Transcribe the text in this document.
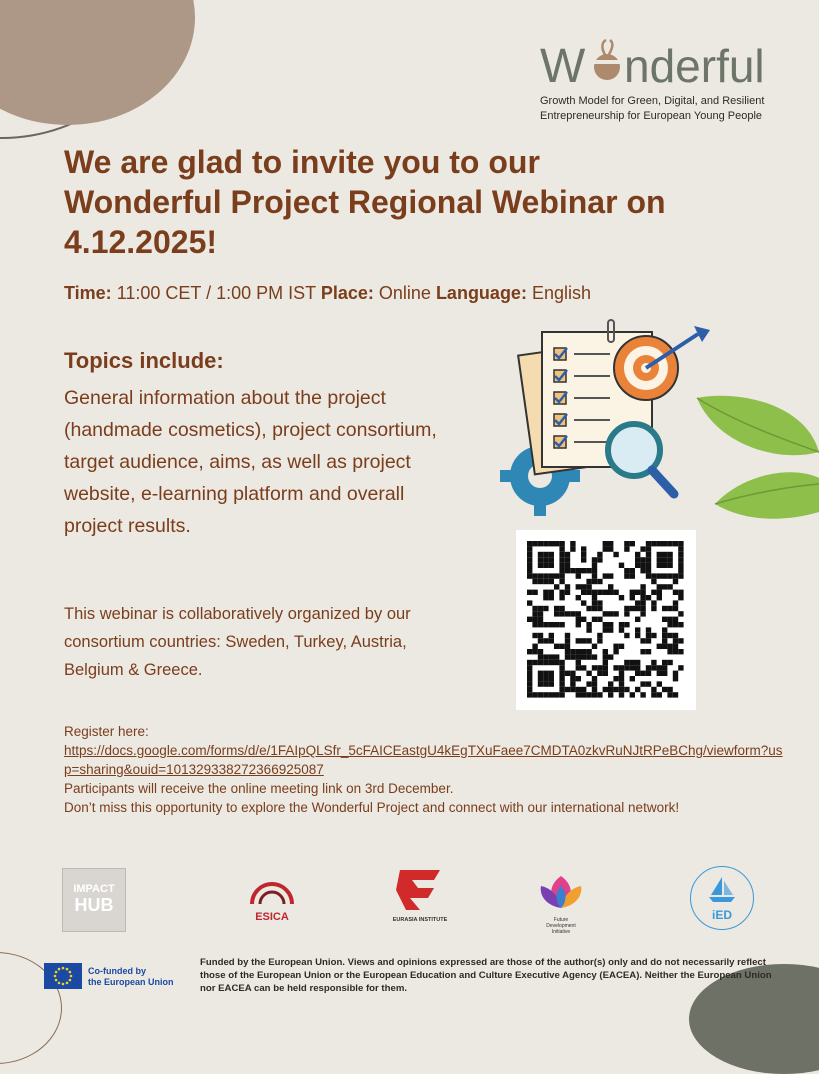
W nderful
Growth Model for Green, Digital, and Resilient
Entrepreneurship for European Young People
We are glad to invite you to our
Wonderful Project Regional Webinar on
4.12.2025!
Time: 11:00 CET / 1:00 PM IST Place: Online Language: English
Topics include:
General information about the project (handmade cosmetics), project consortium, target audience, aims, as well as project website, e-learning platform and overall project results.
This webinar is collaboratively organized by our consortium countries: Sweden, Turkey, Austria, Belgium & Greece.
Register here:
https://docs.google.com/forms/d/e/1FAIpQLSfr_5cFAICEastgU4kEgTXuFaee7CMDTA0zkvRuNJtRPeBChg/viewform?usp=sharing&ouid=101329338272366925087
Participants will receive the online meeting link on 3rd December.
Don’t miss this opportunity to explore the Wonderful Project and connect with our international network!
IMPACT
HUB
ESICA	EURASIA INSTITUTE	Future
Development
Initiative
iED
Co-funded by
the European Union
Funded by the European Union. Views and opinions expressed are those of the author(s) only and do not necessarily reflect those of the European Union or the European Education and Culture Executive Agency (EACEA). Neither the European Union nor EACEA can be held responsible for them.
